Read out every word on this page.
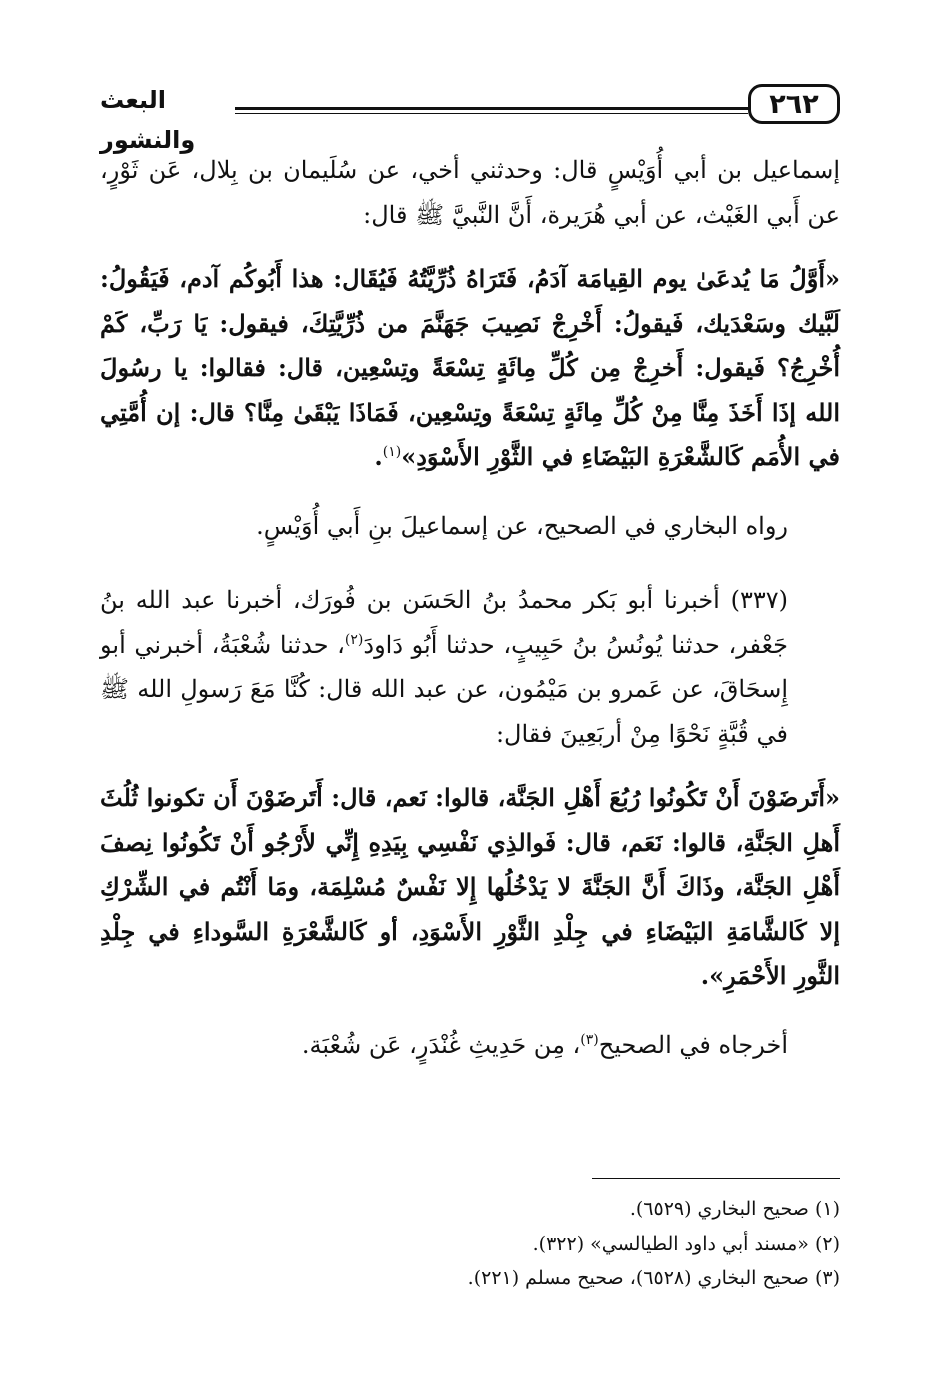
٢٦٢
البعث والنشور

إسماعيل بن أبي أُوَيْسٍ قال: وحدثني أخي، عن سُلَيمان بن بِلال، عَن ثَوْرٍ، عن أَبي الغَيْث، عن أبي هُرَيرة، أَنَّ النَّبيَّ ﷺ قال:

«أَوَّلُ مَا يُدعَىٰ يوم القِيامَة آدَمُ، فَتَرَاهُ ذُرِّيَّتُهُ فَيُقَال: هذا أَبُوكُم آدم، فَيَقُولُ: لَبَّيك وسَعْدَيك، فَيقولُ: أَخْرِجْ نَصِيبَ جَهَنَّمَ من ذُرِّيَّتِكَ، فيقول: يَا رَبِّ، كَمْ أُخْرِجُ؟ فَيقول: أَخرِجْ مِن كُلِّ مِائَةٍ تِسْعَةً وتِسْعِين، قال: فقالوا: يا رسُولَ الله إذَا أَخَذَ مِنَّا مِنْ كُلِّ مِائَةٍ تِسْعَةً وتِسْعِين، فَمَاذَا يَبْقَىٰ مِنَّا؟ قال: إن أُمَّتِي في الأُمَم كَالشَّعْرَةِ البَيْضَاءِ في الثَّوْرِ الأَسْوَدِ»$^{(١)}$.

رواه البخاري في الصحيح، عن إسماعيلَ بنِ أَبي أُوَيْسٍ.

(٣٣٧) أخبرنا أبو بَكر محمدُ بنُ الحَسَن بن فُورَك، أخبرنا عبد الله بنُ جَعْفر، حدثنا يُونُسُ بنُ حَبِيبٍ، حدثنا أَبُو دَاودَ$^{(٢)}$، حدثنا شُعْبَةُ، أخبرني أبو إِسحَاقَ، عن عَمرو بن مَيْمُون، عن عبد الله قال: كُنَّا مَعَ رَسولِ الله ﷺ في قُبَّةٍ نَحْوًا مِنْ أربَعِينَ فقال:

«أَتَرضَوْنَ أَنْ تَكُونُوا رُبُعَ أَهْلِ الجَنَّة، قالوا: نَعم، قال: أَتَرضَوْنَ أَن تكونوا ثُلُثَ أَهلِ الجَنَّةِ، قالوا: نَعَم، قال: فَوالذِي نَفْسِي بِيَدِهِ إِنِّي لأَرْجُو أَنْ تَكُونُوا نِصفَ أَهْلِ الجَنَّة، وذَاكَ أَنَّ الجَنَّةَ لا يَدْخُلُها إِلا نَفْسٌ مُسْلِمَة، ومَا أَنْتُم في الشِّرْكِ إلا كَالشَّامَةِ البَيْضَاءِ في جِلْدِ الثَّوْرِ الأَسْوَدِ، أو كَالشَّعْرَةِ السَّوداءِ في جِلْدِ الثَّورِ الأَحْمَرِ».

أخرجاه في الصحيح$^{(٣)}$، مِن حَدِيثِ غُنْدَرٍ، عَن شُعْبَة.

(١) صحيح البخاري (٦٥٢٩).

(٢) «مسند أبي داود الطيالسي» (٣٢٢).

(٣) صحيح البخاري (٦٥٢٨)، صحيح مسلم (٢٢١).
